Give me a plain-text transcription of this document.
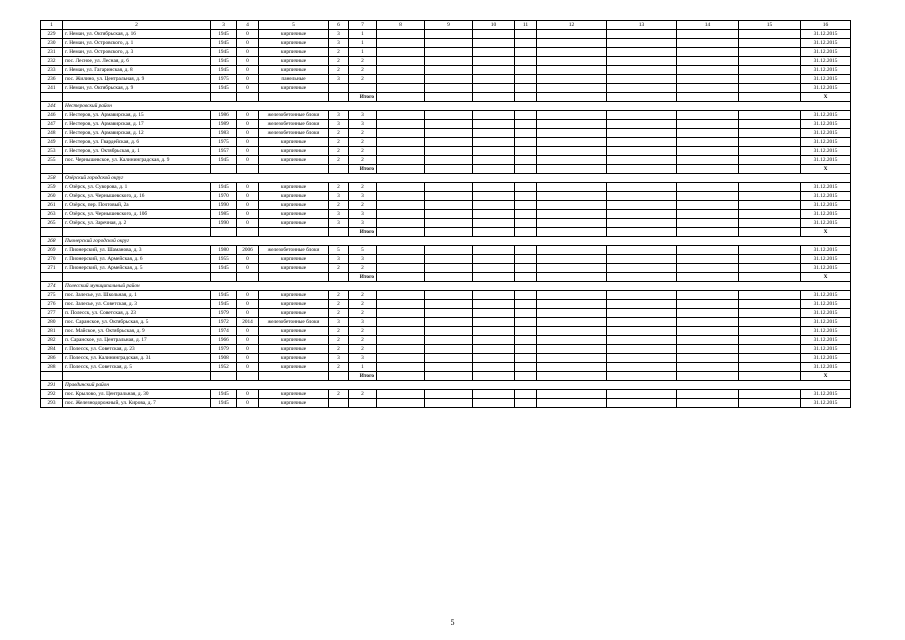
1	2	3	4	5	6	7	8	9	10	11	12	13	14	15	16
229	г. Неман, ул. Октябрьская, д. 16	1945	0	кирпичные	3	1									31.12.2015
230	г. Неман, ул. Островского, д. 1	1945	0	кирпичные	3	1									31.12.2015
231	г. Неман, ул. Островского, д. 3	1945	0	кирпичные	2	1									31.12.2015
232	пос. Лесное, ул. Лесная, д. 6	1945	0	кирпичные	2	2									31.12.2015
233	г. Неман, ул. Гагаринская, д. 8	1945	0	кирпичные	2	2									31.12.2015
236	пос. Жилино, ул. Центральная, д. 9	1975	0	панельные	3	2									31.12.2015
241	г. Неман, ул. Октябрьская, д. 9	1945	0	кирпичные											31.12.2015
						Итого									X
244	Нестеровский район														
246	г. Нестеров, ул. Армавирская, д. 15	1986	0	железобетонные блоки	3	3									31.12.2015
247	г. Нестеров, ул. Армавирская, д. 17	1989	0	железобетонные блоки	3	3									31.12.2015
248	г. Нестеров, ул. Армавирская, д. 12	1983	0	железобетонные блоки	2	2									31.12.2015
249	г. Нестеров, ул. Гвардейская, д. 6	1975	0	кирпичные	2	2									31.12.2015
253	г. Нестеров, ул. Октябрьская, д. 1	1957	0	кирпичные	2	2									31.12.2015
255	пос. Чернышевское, ул. Калининградская, д. 9	1945	0	кирпичные	2	2									31.12.2015
						Итого									X
258	Озёрский городской округ														
259	г. Озёрск, ул. Суворова, д. 1	1945	0	кирпичные	2	2									31.12.2015
260	г. Озёрск, ул. Чернышевского, д. 16	1970	0	кирпичные	3	3									31.12.2015
261	г. Озёрск, пер. Почтовый, 2а	1990	0	кирпичные	2	2									31.12.2015
263	г. Озёрск, ул. Чернышевского, д. 10б	1985	0	кирпичные	3	3									31.12.2015
265	г. Озёрск, ул. Заречная, д. 2	1990	0	кирпичные	3	3									31.12.2015
						Итого									X
268	Пионерский городской округ														
269	г. Пионерский, ул. Шаманова, д. 3	1980	2006	железобетонные блоки	5	5									31.12.2015
270	г. Пионерский, ул. Армейская, д. 6	1955	0	кирпичные	3	3									31.12.2015
271	г. Пионерский, ул. Армейская, д. 5	1945	0	кирпичные	2	2									31.12.2015
						Итого									X
274	Полесский муниципальный район														
275	пос. Залесье, ул. Школьная, д. 1	1945	0	кирпичные	2	2									31.12.2015
276	пос. Залесье, ул. Советская, д. 3	1945	0	кирпичные	2	2									31.12.2015
277	п. Полесск, ул. Советская, д. 23	1979	0	кирпичные	2	2									31.12.2015
280	пос. Саранское, ул. Октябрьская, д. 5	1972	2014	железобетонные блоки	3	3									31.12.2015
281	пос. Майское, ул. Октябрьская, д. 9	1974	0	кирпичные	2	2									31.12.2015
282	п. Саранское, ул. Центральная, д. 17	1966	0	кирпичные	2	2									31.12.2015
284	г. Полесск, ул. Советская, д. 23	1979	0	кирпичные	2	2									31.12.2015
286	г. Полесск, ул. Калининградская, д. 31	1908	0	кирпичные	3	3									31.12.2015
288	г. Полесск, ул. Советская, д. 5	1952	0	кирпичные	2	1									31.12.2015
						Итого									X
291	Правдинский район														
292	пос. Крылово, ул. Центральная, д. 30	1945	0	кирпичные	2	2									31.12.2015
293	пос. Железнодорожный, ул. Кирова, д. 7	1945	0	кирпичные											31.12.2015
5
